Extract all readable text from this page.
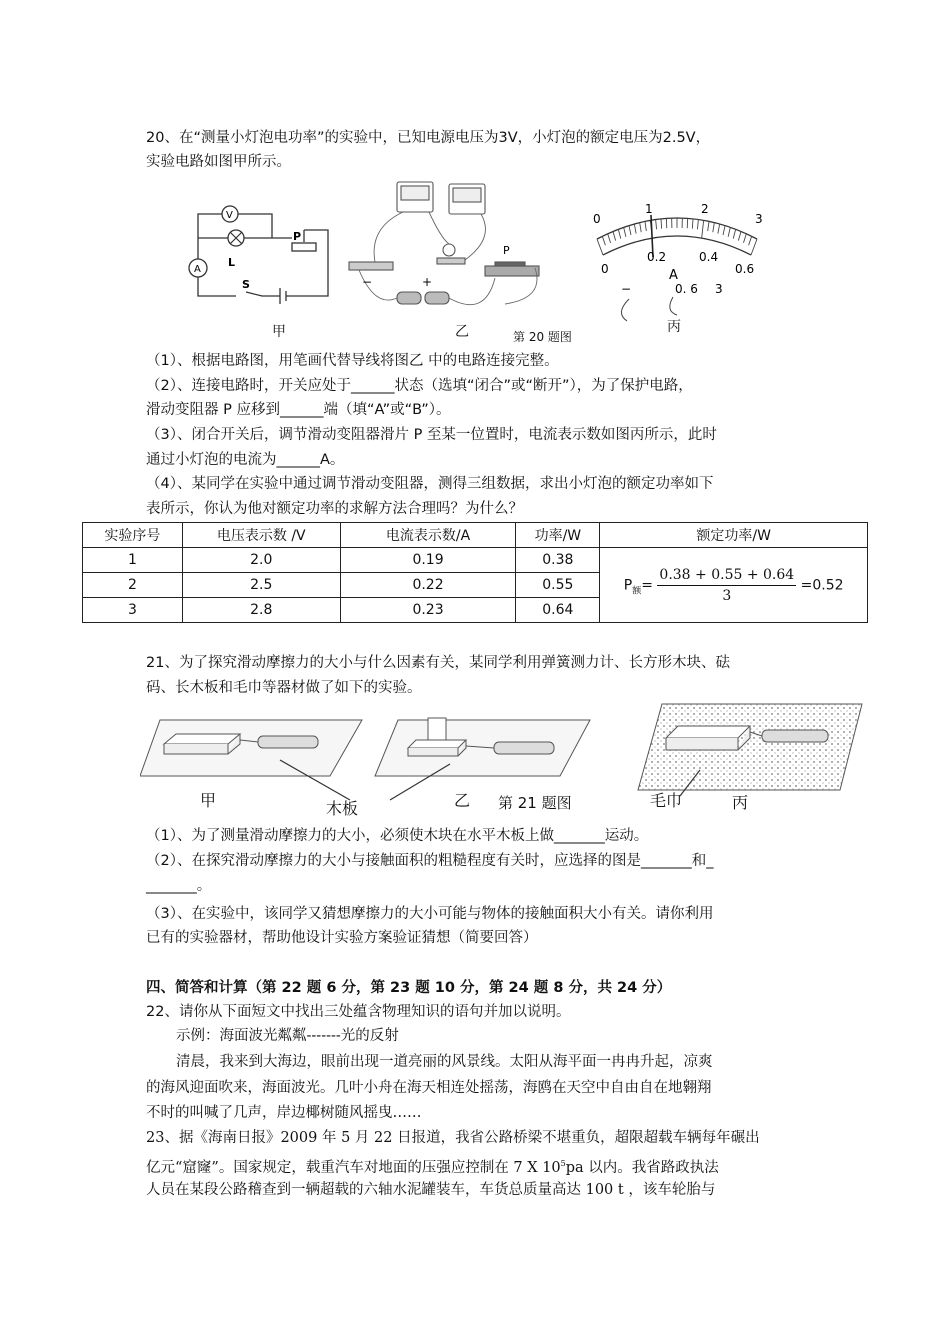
20、在“测量小灯泡电功率”的实验中，已知电源电压为3V，小灯泡的额定电压为2.5V，
实验电路如图甲所示。
V
A
L
S
P
甲
−	+
P
乙	第 20 题图
0
1	2
3
0
0.2	0.4
0.6
A
−	0. 6 3
丙
（1）、根据电路图，用笔画代替导线将图乙 中的电路连接完整。
（2）、连接电路时，开关应处于______状态（选填“闭合”或“断开”），为了保护电路，
滑动变阻器 P 应移到______端（填“A”或“B”）。
（3）、闭合开关后，调节滑动变阻器滑片 P 至某一位置时，电流表示数如图丙所示，此时
通过小灯泡的电流为______A。
（4）、某同学在实验中通过调节滑动变阻器，测得三组数据，求出小灯泡的额定功率如下
表所示，你认为他对额定功率的求解方法合理吗？为什么？
实验序号	电压表示数 /V	电流表示数/A	功率/W	额定功率/W
1	2.0	0.19	0.38	$P_额= \frac{0.38 + 0.55 + 0.64}{3} =0.52$
2	2.5	0.22	0.55	
3	2.8	0.23	0.64	
21、为了探究滑动摩擦力的大小与什么因素有关，某同学利用弹簧测力计、长方形木块、砝
码、长木板和毛巾等器材做了如下的实验。
甲	木板	乙 第 21 题图	毛巾	丙
（1）、为了测量滑动摩擦力的大小，必须使木块在水平木板上做_______运动。
（2）、在探究滑动摩擦力的大小与接触面积的粗糙程度有关时，应选择的图是_______和_
_______。
（3）、在实验中，该同学又猜想摩擦力的大小可能与物体的接触面积大小有关。请你利用
已有的实验器材，帮助他设计实验方案验证猜想（简要回答）
四、简答和计算（第 22 题 6 分，第 23 题 10 分，第 24 题 8 分，共 24 分）
22、请你从下面短文中找出三处蕴含物理知识的语句并加以说明。
示例：海面波光粼粼-------光的反射
清晨，我来到大海边，眼前出现一道亮丽的风景线。太阳从海平面一冉冉升起，凉爽
的海风迎面吹来，海面波光。几叶小舟在海天相连处摇荡，海鸥在天空中自由自在地翱翔
不时的叫喊了几声，岸边椰树随风摇曳……
23、据《海南日报》2009 年 5 月 22 日报道，我省公路桥梁不堪重负，超限超载车辆每年碾出
亿元“窟窿”。国家规定，载重汽车对地面的压强应控制在 7 X $10^5pa$ 以内。我省路政执法
人员在某段公路稽查到一辆超载的六轴水泥罐装车，车货总质量高达 100 t ，该车轮胎与
